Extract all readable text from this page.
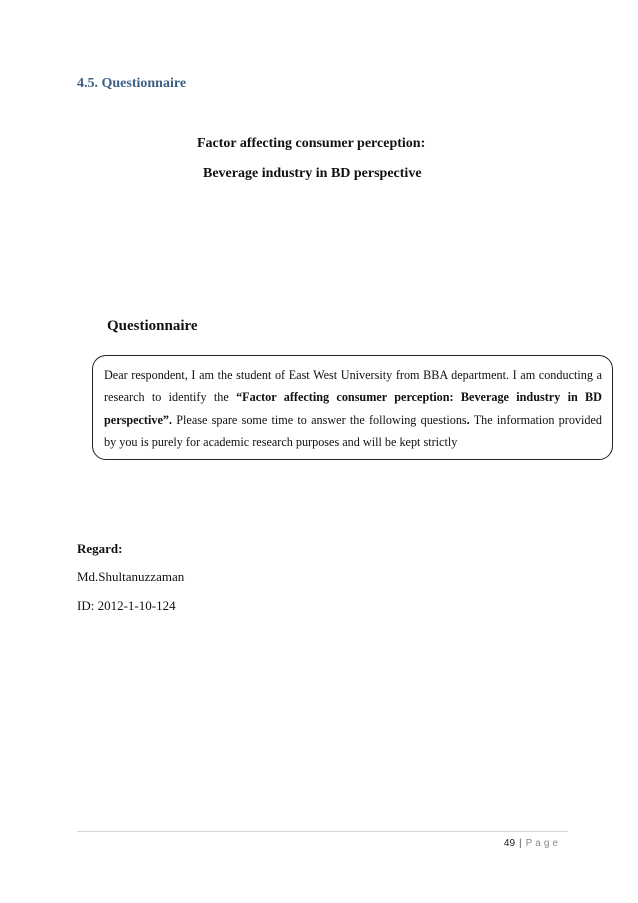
4.5. Questionnaire
Factor affecting consumer perception:
Beverage industry in BD perspective
Questionnaire

Dear respondent, I am the student of East West University from BBA department. I am conducting a research to identify the “Factor affecting consumer perception: Beverage industry in BD perspective”. Please spare some time to answer the following questions. The information provided by you is purely for academic research purposes and will be kept strictly

Regard:
Md.Shultanuzzaman
ID: 2012-1-10-124
49 | Page
